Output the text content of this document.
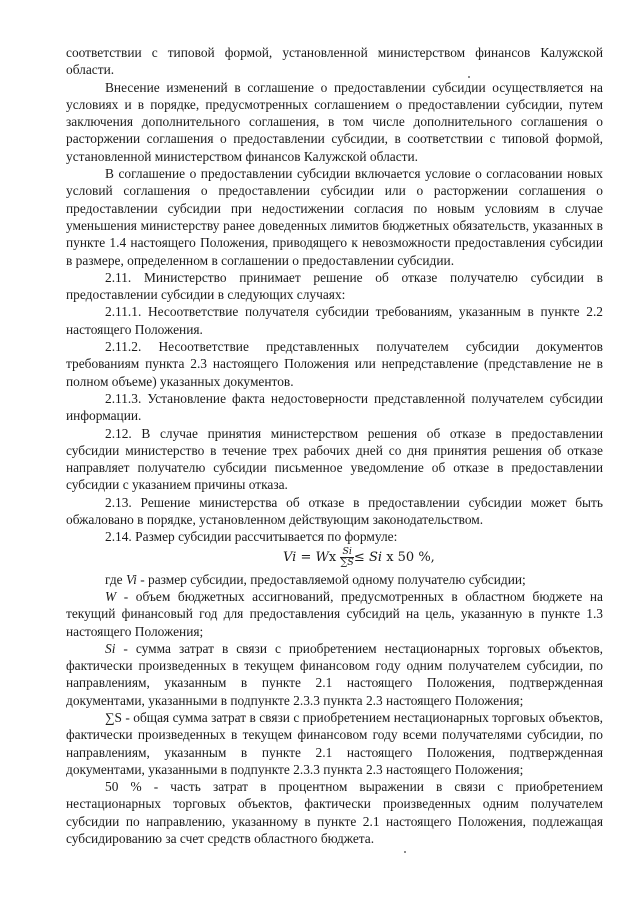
соответствии с типовой формой, установленной министерством финансов Калужской области.

Внесение изменений в соглашение о предоставлении субсидии осуществляется на условиях и в порядке, предусмотренных соглашением о предоставлении субсидии, путем заключения дополнительного соглашения, в том числе дополнительного соглашения о расторжении соглашения о предоставлении субсидии, в соответствии с типовой формой, установленной министерством финансов Калужской области.

В соглашение о предоставлении субсидии включается условие о согласовании новых условий соглашения о предоставлении субсидии или о расторжении соглашения о предоставлении субсидии при недостижении согласия по новым условиям в случае уменьшения министерству ранее доведенных лимитов бюджетных обязательств, указанных в пункте 1.4 настоящего Положения, приводящего к невозможности предоставления субсидии в размере, определенном в соглашении о предоставлении субсидии.

2.11. Министерство принимает решение об отказе получателю субсидии в предоставлении субсидии в следующих случаях:

2.11.1. Несоответствие получателя субсидии требованиям, указанным в пункте 2.2 настоящего Положения.

2.11.2. Несоответствие представленных получателем субсидии документов требованиям пункта 2.3 настоящего Положения или непредставление (представление не в полном объеме) указанных документов.

2.11.3. Установление факта недостоверности представленной получателем субсидии информации.

2.12. В случае принятия министерством решения об отказе в предоставлении субсидии министерство в течение трех рабочих дней со дня принятия решения об отказе направляет получателю субсидии письменное уведомление об отказе в предоставлении субсидии с указанием причины отказа.

2.13. Решение министерства об отказе в предоставлении субсидии может быть обжаловано в порядке, установленном действующим законодательством.

2.14. Размер субсидии рассчитывается по формуле:

Vi = Wx $\frac{Si}{\sum S} \le Si$ x 50 %,

где Vi - размер субсидии, предоставляемой одному получателю субсидии;

W - объем бюджетных ассигнований, предусмотренных в областном бюджете на текущий финансовый год для предоставления субсидий на цель, указанную в пункте 1.3 настоящего Положения;

Si - сумма затрат в связи с приобретением нестационарных торговых объектов, фактически произведенных в текущем финансовом году одним получателем субсидии, по направлениям, указанным в пункте 2.1 настоящего Положения, подтвержденная документами, указанными в подпункте 2.3.3 пункта 2.3 настоящего Положения;

∑S - общая сумма затрат в связи с приобретением нестационарных торговых объектов, фактически произведенных в текущем финансовом году всеми получателями субсидии, по направлениям, указанным в пункте 2.1 настоящего Положения, подтвержденная документами, указанными в подпункте 2.3.3 пункта 2.3 настоящего Положения;

50 % - часть затрат в процентном выражении в связи с приобретением нестационарных торговых объектов, фактически произведенных одним получателем субсидии по направлению, указанному в пункте 2.1 настоящего Положения, подлежащая субсидированию за счет средств областного бюджета.
